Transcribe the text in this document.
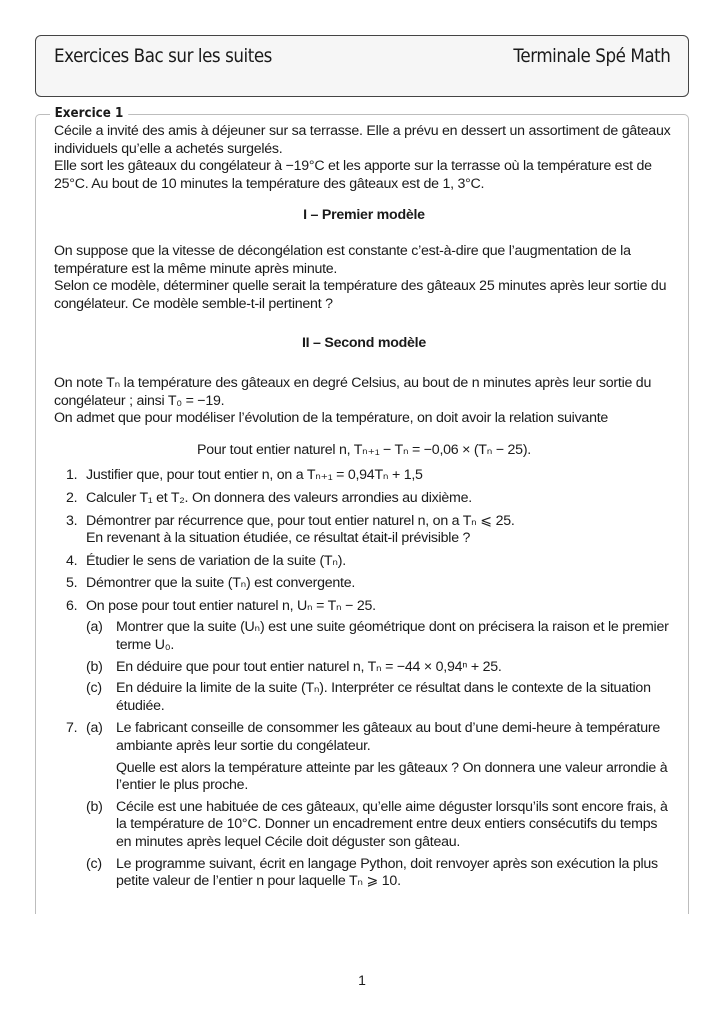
Exercices Bac sur les suites	Terminale Spé Math
Exercice 1

Cécile a invité des amis à déjeuner sur sa terrasse. Elle a prévu en dessert un assortiment de gâteaux individuels qu’elle a achetés surgelés.

Elle sort les gâteaux du congélateur à −19°C et les apporte sur la terrasse où la température est de 25°C. Au bout de 10 minutes la température des gâteaux est de 1, 3°C.

I – Premier modèle

On suppose que la vitesse de décongélation est constante c’est-à-dire que l’augmentation de la température est la même minute après minute.

Selon ce modèle, déterminer quelle serait la température des gâteaux 25 minutes après leur sortie du congélateur. Ce modèle semble-t-il pertinent ?

II – Second modèle

On note Tₙ la température des gâteaux en degré Celsius, au bout de n minutes après leur sortie du congélateur ; ainsi T₀ = −19.

On admet que pour modéliser l’évolution de la température, on doit avoir la relation suivante

Pour tout entier naturel n, Tₙ₊₁ − Tₙ = −0,06 × (Tₙ − 25).

1. Justifier que, pour tout entier n, on a Tₙ₊₁ = 0,94Tₙ + 1,5
2. Calculer T₁ et T₂. On donnera des valeurs arrondies au dixième.
3. Démontrer par récurrence que, pour tout entier naturel n, on a Tₙ ⩽ 25.
En revenant à la situation étudiée, ce résultat était-il prévisible ?
4. Étudier le sens de variation de la suite (Tₙ).
5. Démontrer que la suite (Tₙ) est convergente.
6. On pose pour tout entier naturel n, Uₙ = Tₙ − 25.
(a) Montrer que la suite (Uₙ) est une suite géométrique dont on précisera la raison et le premier terme U₀.
(b) En déduire que pour tout entier naturel n, Tₙ = −44 × 0,94ⁿ + 25.
(c) En déduire la limite de la suite (Tₙ). Interpréter ce résultat dans le contexte de la situation étudiée.
7. (a) Le fabricant conseille de consommer les gâteaux au bout d’une demi-heure à température ambiante après leur sortie du congélateur.
Quelle est alors la température atteinte par les gâteaux ? On donnera une valeur arrondie à l’entier le plus proche.
(b) Cécile est une habituée de ces gâteaux, qu’elle aime déguster lorsqu’ils sont encore frais, à la température de 10°C. Donner un encadrement entre deux entiers consécutifs du temps en minutes après lequel Cécile doit déguster son gâteau.
(c) Le programme suivant, écrit en langage Python, doit renvoyer après son exécution la plus petite valeur de l’entier n pour laquelle Tₙ ⩾ 10.
1
